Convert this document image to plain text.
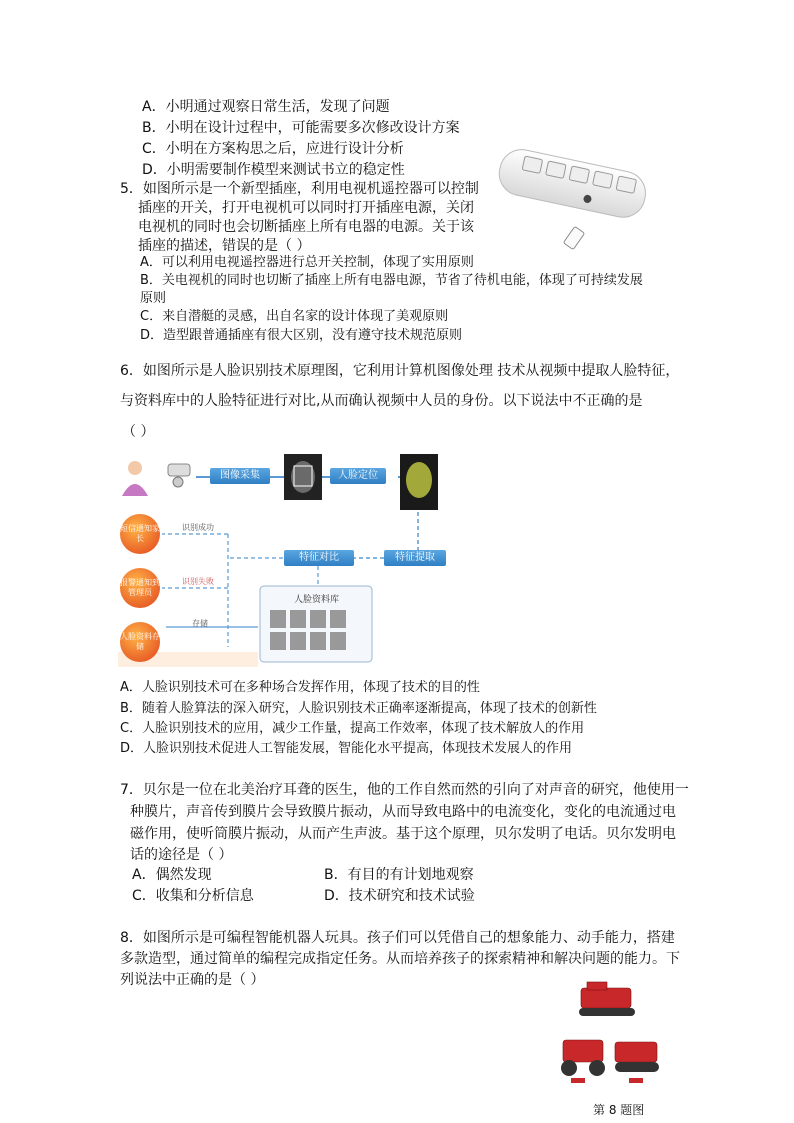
A．小明通过观察日常生活，发现了问题
B．小明在设计过程中，可能需要多次修改设计方案
C．小明在方案构思之后，应进行设计分析
D．小明需要制作模型来测试书立的稳定性
5．如图所示是一个新型插座，利用电视机遥控器可以控制
插座的开关，打开电视机可以同时打开插座电源，关闭
电视机的同时也会切断插座上所有电器的电源。关于该
插座的描述，错误的是（ ）
A．可以利用电视遥控器进行总开关控制，体现了实用原则
B．关电视机的同时也切断了插座上所有电器电源，节省了待机电能，体现了可持续发展
原则
C．来自潜艇的灵感，出自名家的设计体现了美观原则
D．造型跟普通插座有很大区别，没有遵守技术规范原则
6．如图所示是人脸识别技术原理图，它利用计算机图像处理 技术从视频中提取人脸特征，
与资料库中的人脸特征进行对比,从而确认视频中人员的身份。以下说法中不正确的是
（ ）
图像采集	人脸定位
特征对比	特征提取
短信通知家长
报警通知到管理员
人脸资料存储
识别成功
识别失败
存储
人脸资料库
A．人脸识别技术可在多种场合发挥作用，体现了技术的目的性
B．随着人脸算法的深入研究，人脸识别技术正确率逐渐提高，体现了技术的创新性
C．人脸识别技术的应用，减少工作量，提高工作效率，体现了技术解放人的作用
D．人脸识别技术促进人工智能发展，智能化水平提高，体现技术发展人的作用
7．贝尔是一位在北美治疗耳聋的医生，他的工作自然而然的引向了对声音的研究，他使用一
种膜片，声音传到膜片会导致膜片振动，从而导致电路中的电流变化，变化的电流通过电
磁作用，使听筒膜片振动，从而产生声波。基于这个原理，贝尔发明了电话。贝尔发明电
话的途径是（ ）
A．偶然发现	B．有目的有计划地观察
C．收集和分析信息	D．技术研究和技术试验
8．如图所示是可编程智能机器人玩具。孩子们可以凭借自己的想象能力、动手能力，搭建
多款造型，通过简单的编程完成指定任务。从而培养孩子的探索精神和解决问题的能力。下
列说法中正确的是（ ）
第 8 题图
